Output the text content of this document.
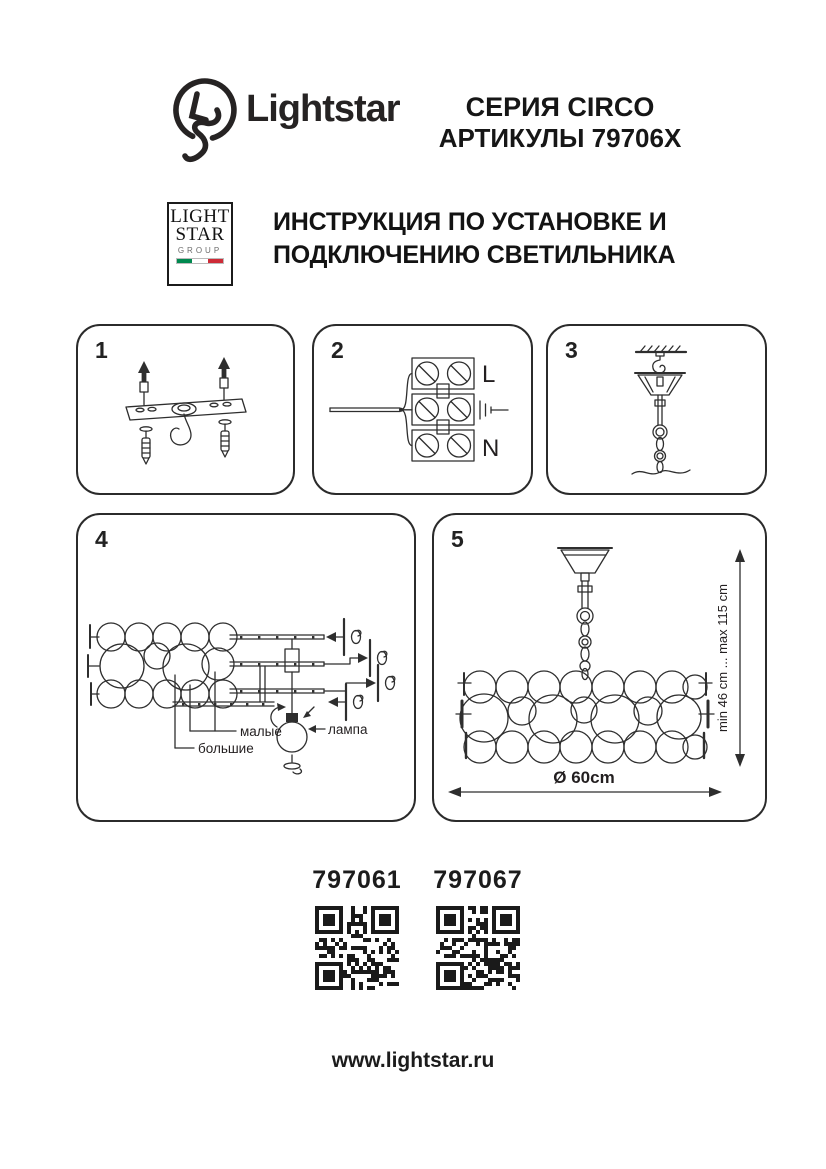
Lightstar	СЕРИЯ CIRCO
АРТИКУЛЫ 79706X
LIGHT
STAR
GROUP
ИНСТРУКЦИЯ ПО УСТАНОВКЕ И
ПОДКЛЮЧЕНИЮ СВЕТИЛЬНИКА
1	2
L
N
3
4
малые
большие
лампа
5
min 46 cm ... max 115 cm
Ø 60cm
797061	797067
www.lightstar.ru
